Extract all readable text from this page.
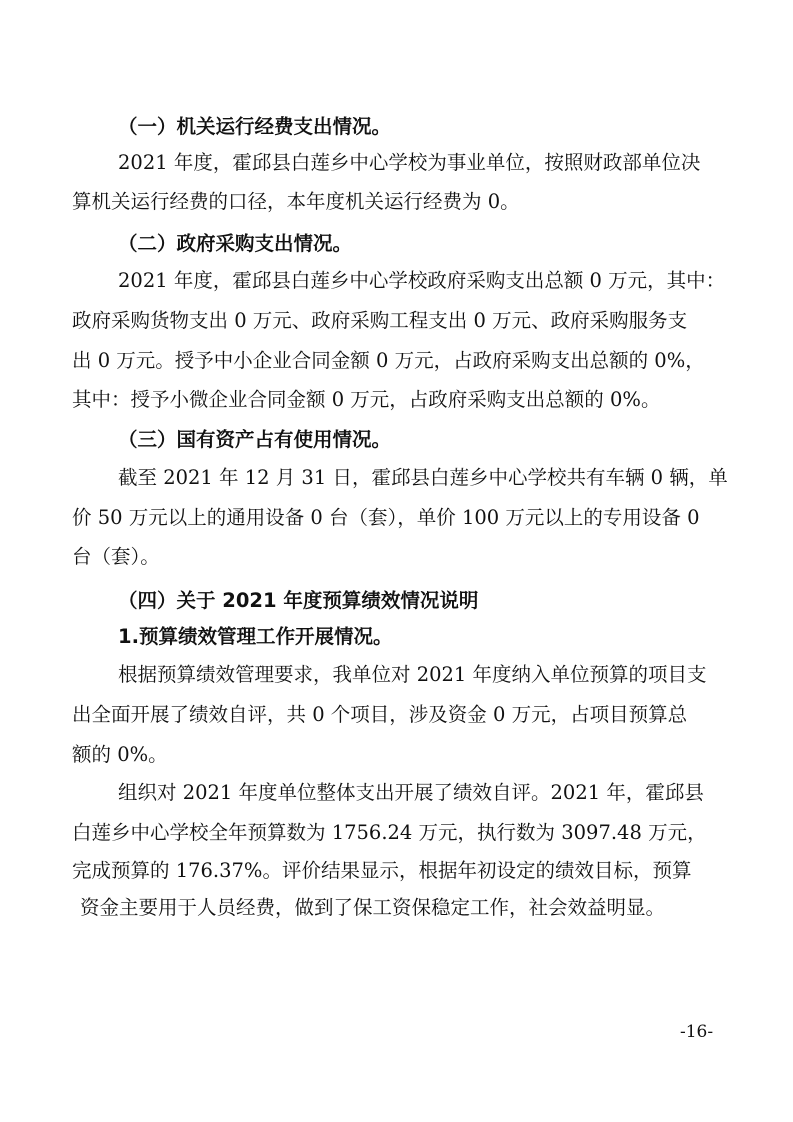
（一）机关运行经费支出情况。
2021 年度，霍邱县白莲乡中心学校为事业单位，按照财政部单位决
算机关运行经费的口径，本年度机关运行经费为 0。
（二）政府采购支出情况。
2021 年度，霍邱县白莲乡中心学校政府采购支出总额 0 万元，其中：
政府采购货物支出 0 万元、政府采购工程支出 0 万元、政府采购服务支
出 0 万元。授予中小企业合同金额 0 万元，占政府采购支出总额的 0%，
其中：授予小微企业合同金额 0 万元，占政府采购支出总额的 0%。
（三）国有资产占有使用情况。
截至 2021 年 12 月 31 日，霍邱县白莲乡中心学校共有车辆 0 辆，单
价 50 万元以上的通用设备 0 台（套），单价 100 万元以上的专用设备 0
台（套）。
（四）关于 2021 年度预算绩效情况说明
1.预算绩效管理工作开展情况。
根据预算绩效管理要求，我单位对 2021 年度纳入单位预算的项目支
出全面开展了绩效自评，共 0 个项目，涉及资金 0 万元，占项目预算总
额的 0%。
组织对 2021 年度单位整体支出开展了绩效自评。2021 年，霍邱县
白莲乡中心学校全年预算数为 1756.24 万元，执行数为 3097.48 万元，
完成预算的 176.37%。评价结果显示，根据年初设定的绩效目标，预算
资金主要用于人员经费，做到了保工资保稳定工作，社会效益明显。
-16-
